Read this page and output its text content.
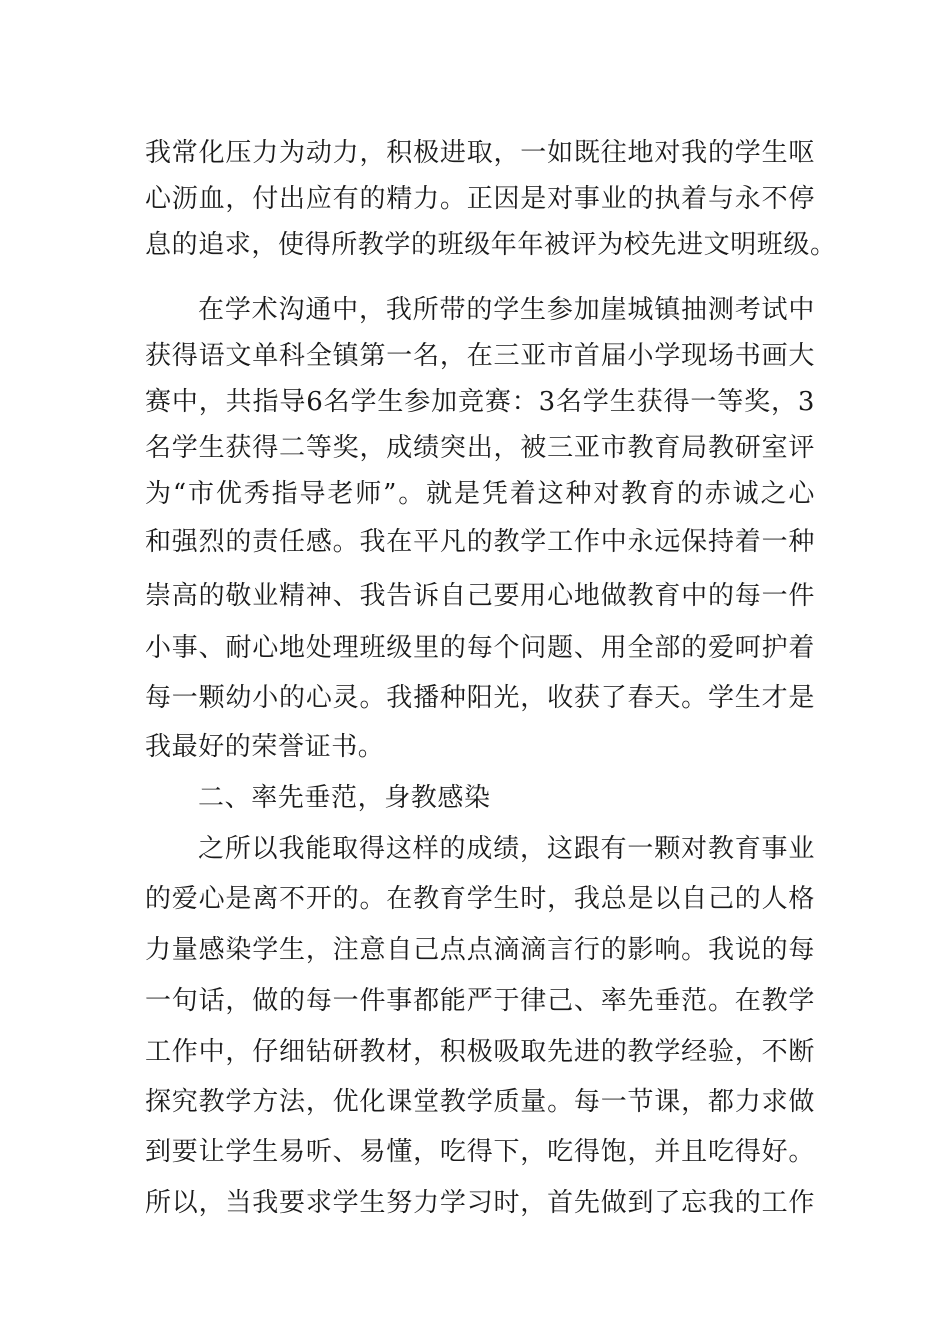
我常化压力为动力，积极进取，一如既往地对我的学生呕
心沥血，付出应有的精力。正因是对事业的执着与永不停
息的追求，使得所教学的班级年年被评为校先进文明班级。
在学术沟通中，我所带的学生参加崖城镇抽测考试中
获得语文单科全镇第一名，在三亚市首届小学现场书画大
赛中，共指导6名学生参加竞赛：3名学生获得一等奖，3
名学生获得二等奖，成绩突出，被三亚市教育局教研室评
为“市优秀指导老师”。就是凭着这种对教育的赤诚之心
和强烈的责任感。我在平凡的教学工作中永远保持着一种
崇高的敬业精神、我告诉自己要用心地做教育中的每一件
小事、耐心地处理班级里的每个问题、用全部的爱呵护着
每一颗幼小的心灵。我播种阳光，收获了春天。学生才是
我最好的荣誉证书。
二、率先垂范，身教感染
之所以我能取得这样的成绩，这跟有一颗对教育事业
的爱心是离不开的。在教育学生时，我总是以自己的人格
力量感染学生，注意自己点点滴滴言行的影响。我说的每
一句话，做的每一件事都能严于律己、率先垂范。在教学
工作中，仔细钻研教材，积极吸取先进的教学经验，不断
探究教学方法，优化课堂教学质量。每一节课，都力求做
到要让学生易听、易懂，吃得下，吃得饱，并且吃得好。
所以，当我要求学生努力学习时，首先做到了忘我的工作
